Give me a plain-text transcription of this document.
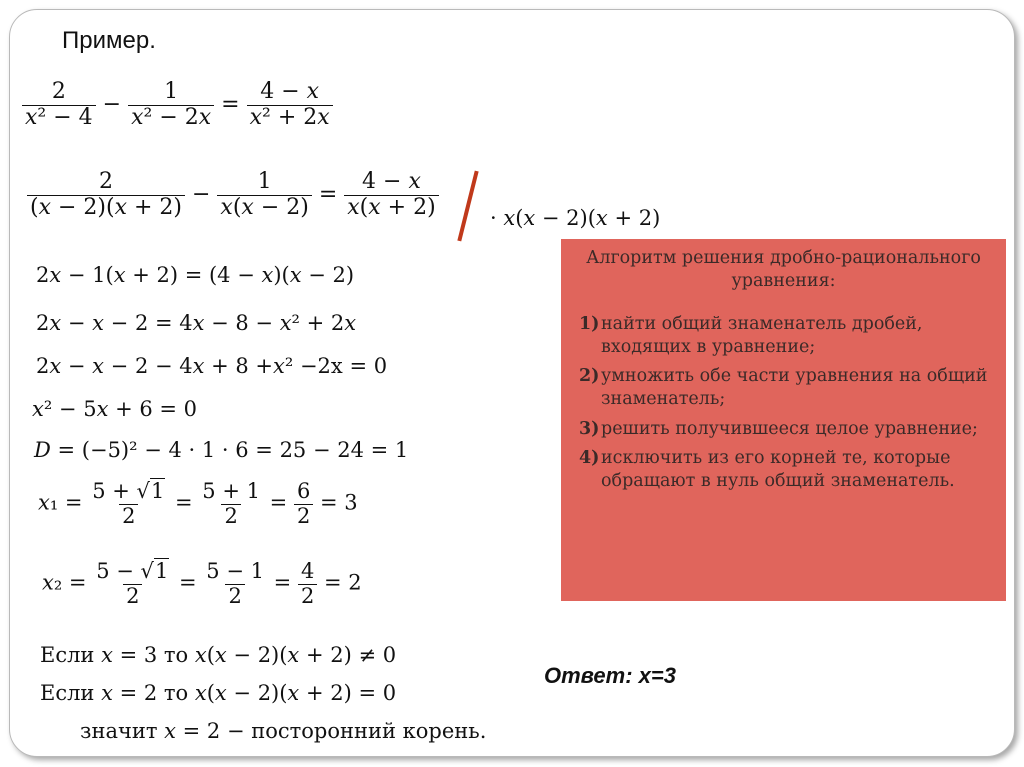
Пример.
$\frac{2}{\text{𝑥² − 4}} - \frac{1}{\text{𝑥² − 2𝑥}} = \frac{\text{4 − 𝑥}}{\text{𝑥² + 2𝑥}}$
$\frac{2}{\text{(𝑥 − 2)(𝑥 + 2)}} - \frac{1}{\text{𝑥(𝑥 − 2)}} = \frac{\text{4 − 𝑥}}{\text{𝑥(𝑥 + 2)}}$ · 𝑥(𝑥 − 2)(𝑥 + 2)
2𝑥 − 1(𝑥 + 2) = (4 − 𝑥)(𝑥 − 2)
2𝑥 − 𝑥 − 2 = 4𝑥 − 8 − 𝑥² + 2𝑥
2𝑥 − 𝑥 − 2 − 4𝑥 + 8 +𝑥² −2x = 0
𝑥² − 5𝑥 + 6 = 0
𝐷 = (−5)² − 4 · 1 · 6 = 25 − 24 = 1
𝑥₁ = $\frac{5 + √1}{2} = \frac{5 + 1}{2} = \frac{6}{2} = 3$
𝑥₂ = $\frac{5 - √1}{2} = \frac{5 - 1}{2} = \frac{4}{2} = 2$
Если 𝑥 = 3 то 𝑥(𝑥 − 2)(𝑥 + 2) ≠ 0
Если 𝑥 = 2 то 𝑥(𝑥 − 2)(𝑥 + 2) = 0
значит 𝑥 = 2 − посторонний корень.
Алгоритм решения дробно-рационального уравнения:
1) найти общий знаменатель дробей, входящих в уравнение;
2) умножить обе части уравнения на общий знаменатель;
3) решить получившееся целое уравнение;
4) исключить из его корней те, которые обращают в нуль общий знаменатель.
Ответ: x=3
